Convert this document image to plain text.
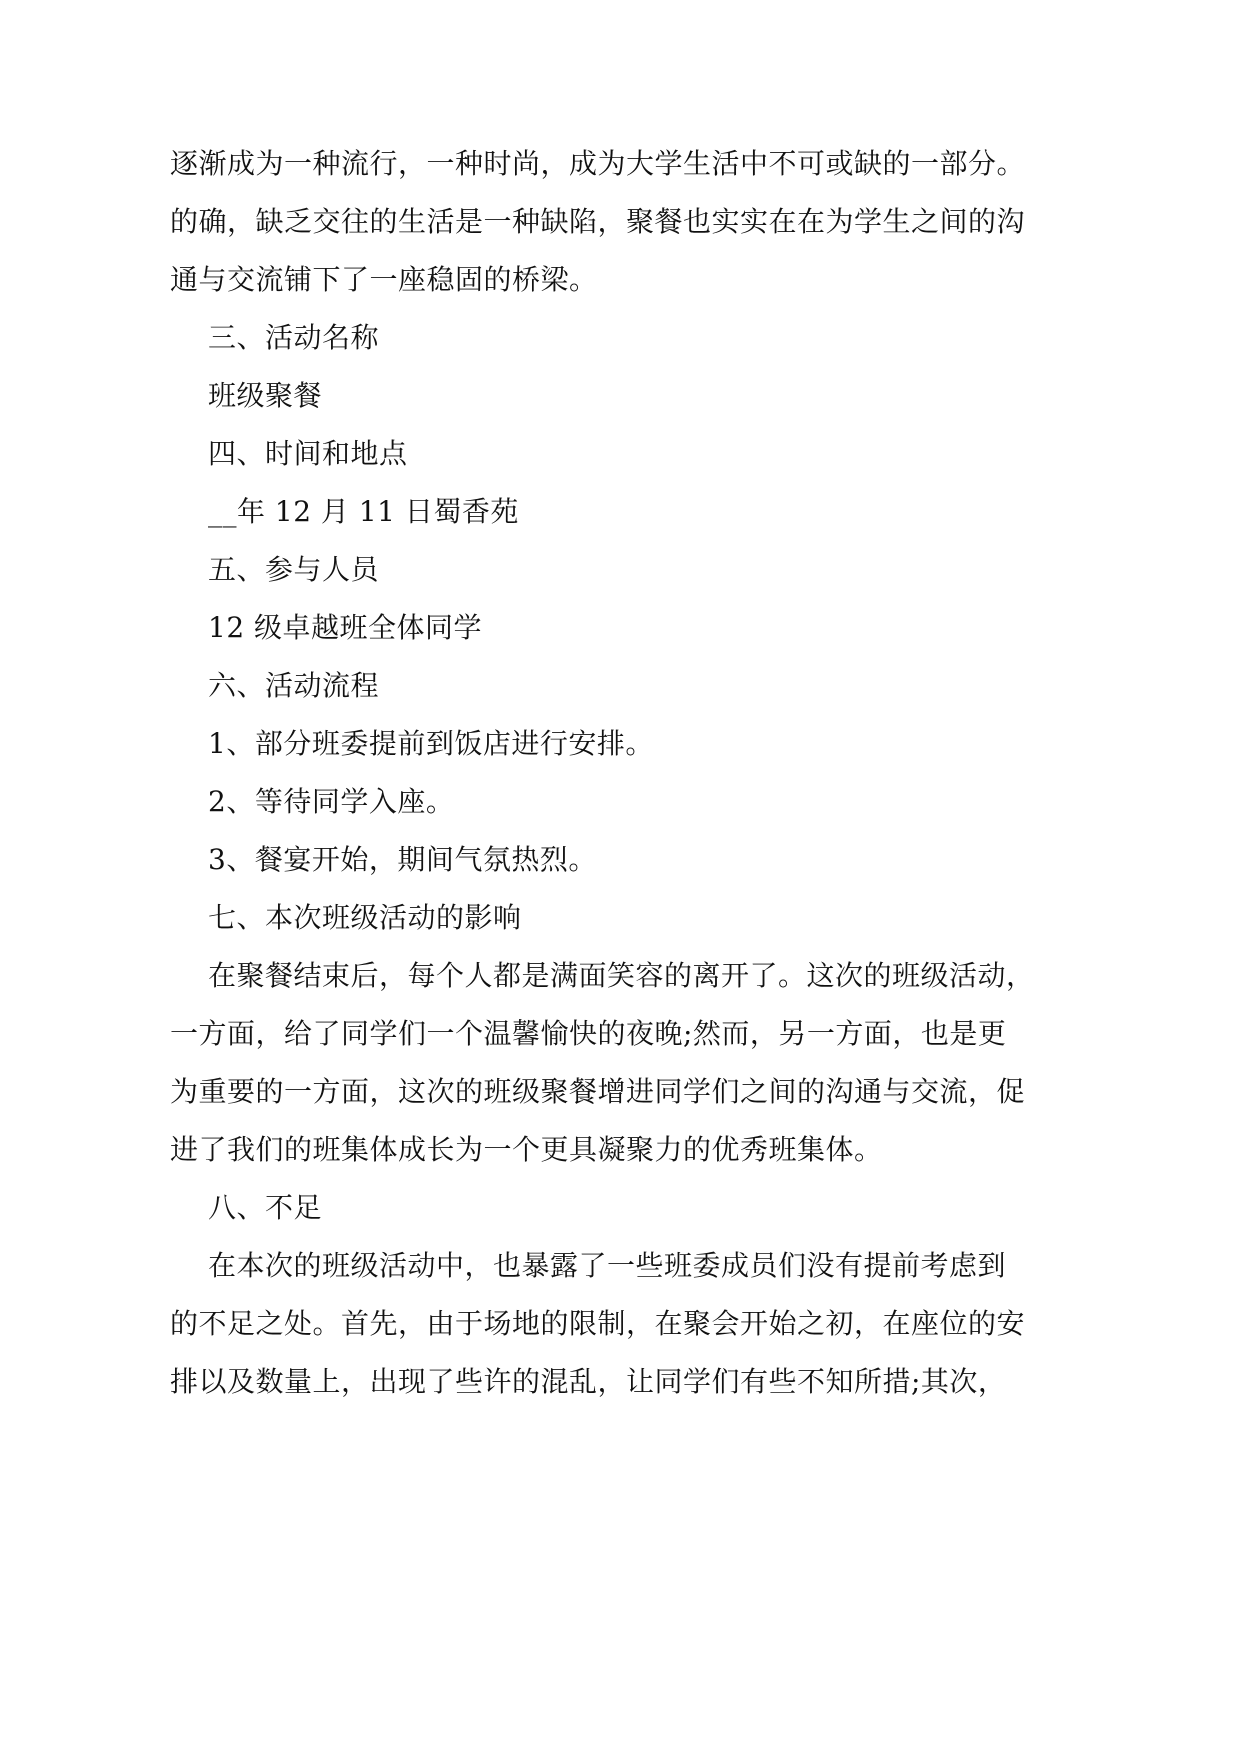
逐渐成为一种流行，一种时尚，成为大学生活中不可或缺的一部分。
的确，缺乏交往的生活是一种缺陷，聚餐也实实在在为学生之间的沟
通与交流铺下了一座稳固的桥梁。
三、活动名称
班级聚餐
四、时间和地点
__年 12 月 11 日蜀香苑
五、参与人员
12 级卓越班全体同学
六、活动流程
1、部分班委提前到饭店进行安排。
2、等待同学入座。
3、餐宴开始，期间气氛热烈。
七、本次班级活动的影响
在聚餐结束后，每个人都是满面笑容的离开了。这次的班级活动，
一方面，给了同学们一个温馨愉快的夜晚;然而，另一方面，也是更
为重要的一方面，这次的班级聚餐增进同学们之间的沟通与交流，促
进了我们的班集体成长为一个更具凝聚力的优秀班集体。
八、不足
在本次的班级活动中，也暴露了一些班委成员们没有提前考虑到
的不足之处。首先，由于场地的限制，在聚会开始之初，在座位的安
排以及数量上，出现了些许的混乱，让同学们有些不知所措;其次，
